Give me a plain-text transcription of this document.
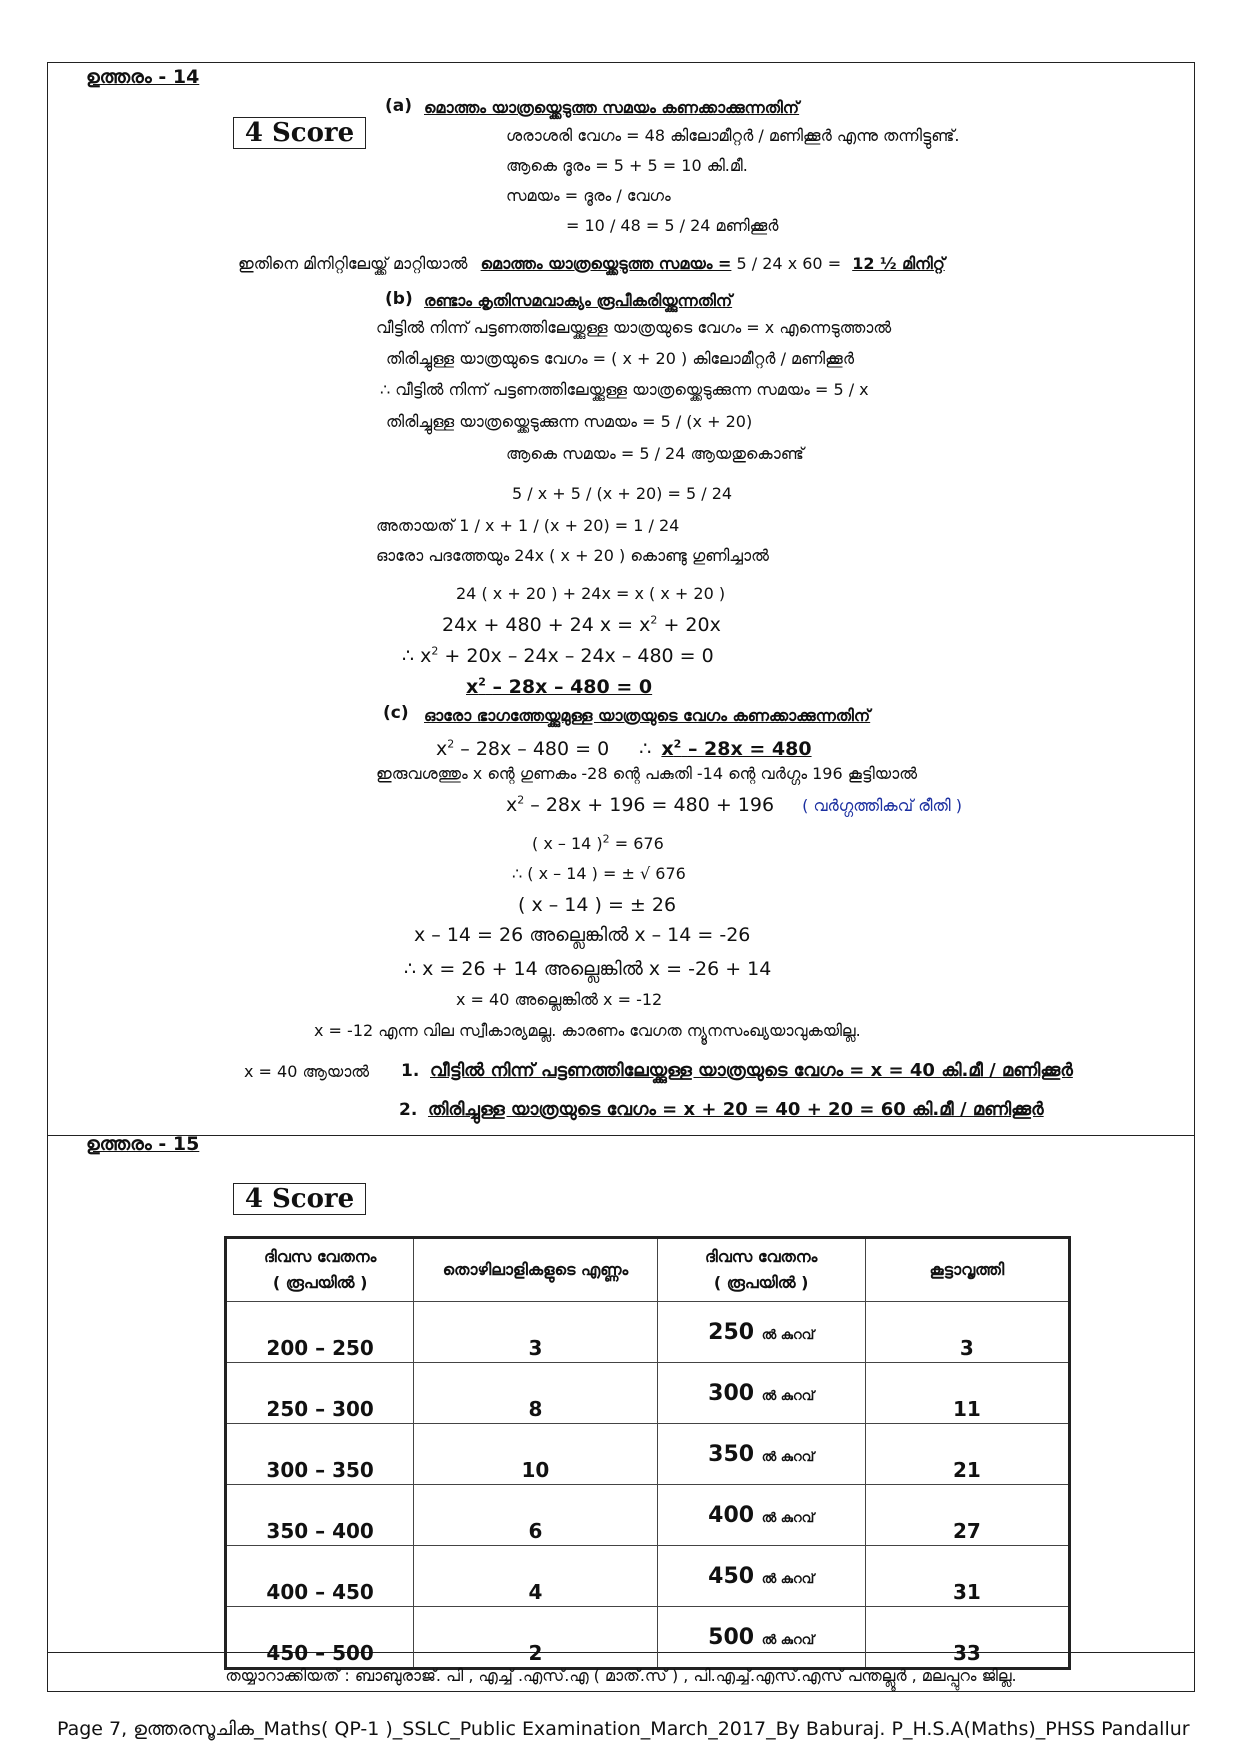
ഉത്തരം - 14
4 Score
(a) മൊത്തം യാത്രയ്ക്കെടുത്ത സമയം കണക്കാക്കുന്നതിന്
ശരാശരി വേഗം = 48 കിലോമീറ്റർ / മണിക്കൂർ എന്നു തന്നിട്ടുണ്ട്.
ആകെ ദൂരം = 5 + 5 = 10 കി.മീ.
സമയം = ദൂരം / വേഗം
= 10 / 48 = 5 / 24 മണിക്കൂർ
ഇതിനെ മിനിറ്റിലേയ്ക്ക് മാറ്റിയാൽ മൊത്തം യാത്രയ്ക്കെടുത്ത സമയം = 5 / 24 x 60 = 12 ½ മിനിറ്റ്
(b) രണ്ടാം കൃതിസമവാക്യം രൂപീകരിയ്ക്കുന്നതിന്
വീട്ടിൽ നിന്ന് പട്ടണത്തിലേയ്ക്കുള്ള യാത്രയുടെ വേഗം = x എന്നെടുത്താൽ
തിരിച്ചുള്ള യാത്രയുടെ വേഗം = ( x + 20 ) കിലോമീറ്റർ / മണിക്കൂർ
∴ വീട്ടിൽ നിന്ന് പട്ടണത്തിലേയ്ക്കുള്ള യാത്രയ്ക്കെടുക്കുന്ന സമയം = 5 / x
തിരിച്ചുള്ള യാത്രയ്ക്കെടുക്കുന്ന സമയം = 5 / (x + 20)
ആകെ സമയം = 5 / 24 ആയതുകൊണ്ട്
5 / x + 5 / (x + 20) = 5 / 24
അതായത് 1 / x + 1 / (x + 20) = 1 / 24
ഓരോ പദത്തേയും 24x ( x + 20 ) കൊണ്ടു ഗുണിച്ചാൽ
24 ( x + 20 ) + 24x = x ( x + 20 )
24x + 480 + 24 $x = x^2 + 20x$
∴ $x^2 + 20x - 24x - 24x - 480 = 0$
$x^2 - 28x - 480 = 0$
(c) ഓരോ ഭാഗത്തേയ്ക്കുമുള്ള യാത്രയുടെ വേഗം കണക്കാക്കുന്നതിന്
$x^2 - 28x - 480 = 0$ ∴ $x^2 - 28x = 480$
ഇരുവശത്തും x ന്റെ ഗുണകം -28 ന്റെ പകുതി -14 ന്റെ വർഗ്ഗം 196 കൂട്ടിയാൽ
$x^2 - 28x + 196 = 480 + 196$ ( വർഗ്ഗത്തികവ് രീതി )
( x – 14 )$^2$ = 676
∴ ( x – 14 ) = ± √ 676
( x – 14 ) = ± 26
x – 14 = 26 അല്ലെങ്കിൽ x – 14 = -26
∴ x = 26 + 14 അല്ലെങ്കിൽ x = -26 + 14
x = 40 അല്ലെങ്കിൽ x = -12
x = -12 എന്ന വില സ്വീകാര്യമല്ല. കാരണം വേഗത ന്യൂനസംഖ്യയാവുകയില്ല.
x = 40 ആയാൽ 1. വീട്ടിൽ നിന്ന് പട്ടണത്തിലേയ്ക്കുള്ള യാത്രയുടെ വേഗം = x = 40 കി.മീ / മണിക്കൂർ
2. തിരിച്ചുള്ള യാത്രയുടെ വേഗം = x + 20 = 40 + 20 = 60 കി.മീ / മണിക്കൂർ
ഉത്തരം - 15
4 Score
ദിവസ വേതനം
( രൂപയിൽ )	തൊഴിലാളികളുടെ എണ്ണം	ദിവസ വേതനം
( രൂപയിൽ )	കൂട്ടാവൃത്തി
200 – 250	3	250 ൽ കുറവ്	3
250 – 300	8	300 ൽ കുറവ്	11
300 – 350	10	350 ൽ കുറവ്	21
350 – 400	6	400 ൽ കുറവ്	27
400 – 450	4	450 ൽ കുറവ്	31
450 – 500	2	500 ൽ കുറവ്	33
തയ്യാറാക്കിയത് : ബാബുരാജ്. പി , എച്ച് .എസ്.എ ( മാത്.സ് ) , പി.എച്ച്.എസ്.എസ് പന്തല്ലൂർ , മലപ്പുറം ജില്ല.
Page 7, ഉത്തരസൂചിക_Maths( QP-1 )_SSLC_Public Examination_March_2017_By Baburaj. P_H.S.A(Maths)_PHSS Pandallur
